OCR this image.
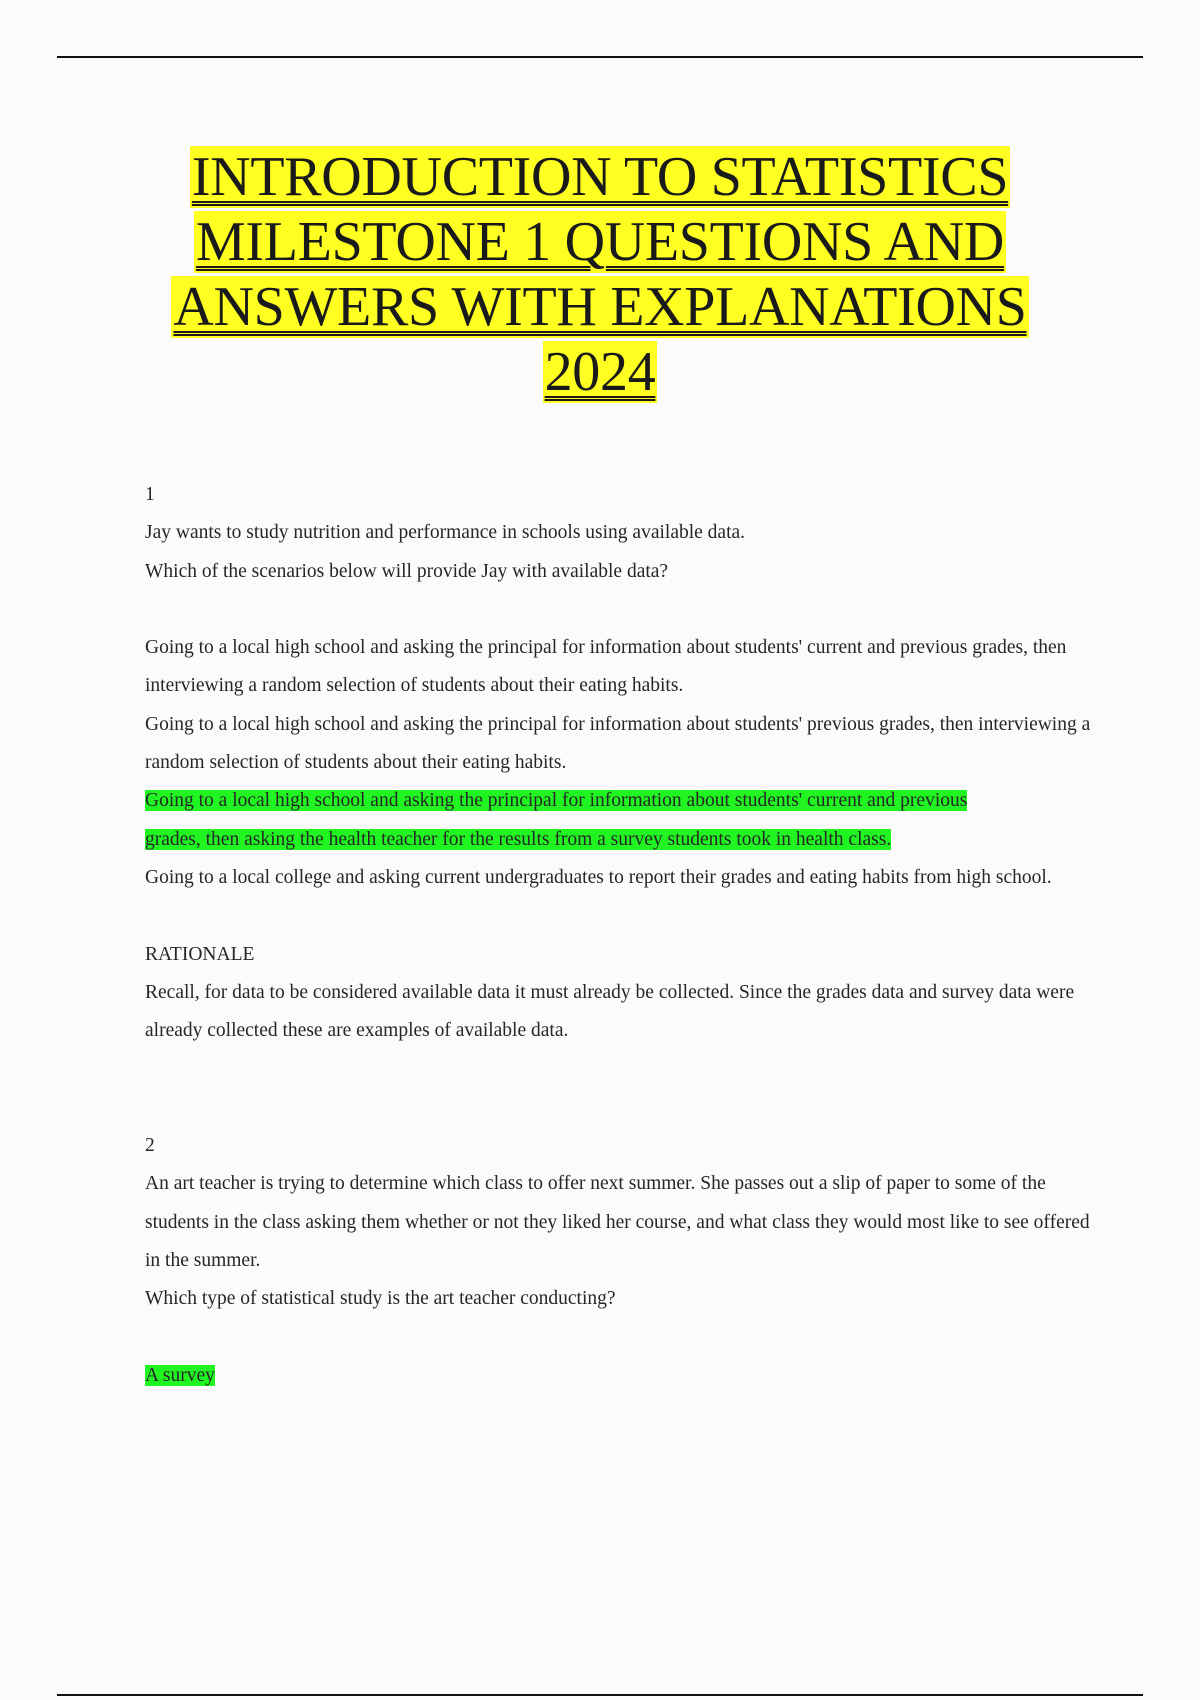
INTRODUCTION TO STATISTICS
MILESTONE 1 QUESTIONS AND
ANSWERS WITH EXPLANATIONS
2024

1

Jay wants to study nutrition and performance in schools using available data.

Which of the scenarios below will provide Jay with available data?

Going to a local high school and asking the principal for information about students' current and previous grades, then interviewing a random selection of students about their eating habits.

Going to a local high school and asking the principal for information about students' previous grades, then interviewing a random selection of students about their eating habits.

Going to a local high school and asking the principal for information about students' current and previous
grades, then asking the health teacher for the results from a survey students took in health class.

Going to a local college and asking current undergraduates to report their grades and eating habits from high school.

RATIONALE

Recall, for data to be considered available data it must already be collected. Since the grades data and survey data were already collected these are examples of available data.

2

An art teacher is trying to determine which class to offer next summer. She passes out a slip of paper to some of the students in the class asking them whether or not they liked her course, and what class they would most like to see offered in the summer.

Which type of statistical study is the art teacher conducting?

A survey
